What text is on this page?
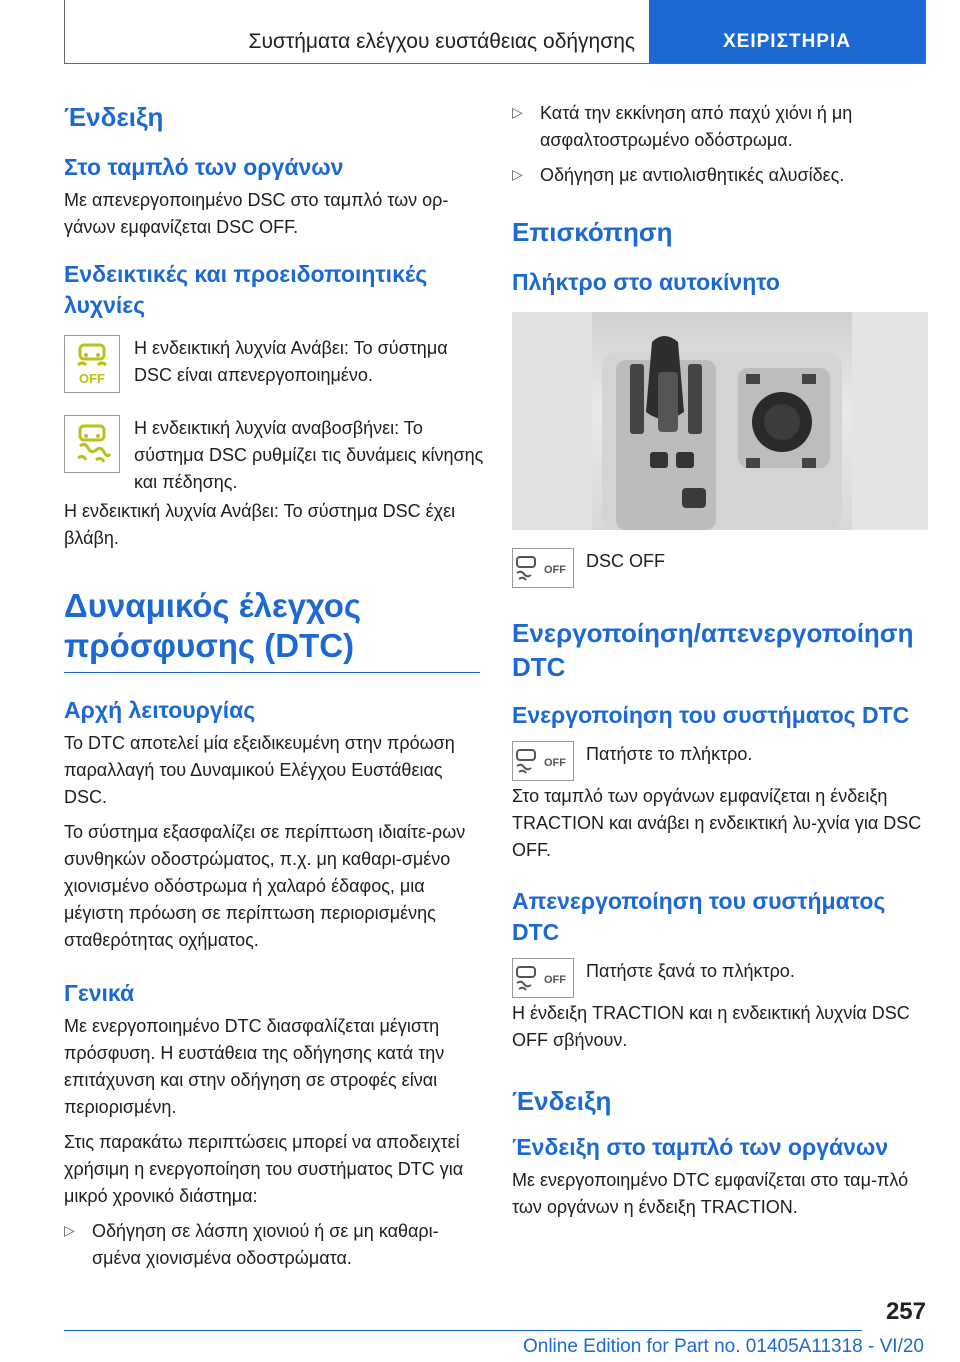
Συστήματα ελέγχου ευστάθειας οδήγησης	ΧΕΙΡΙΣΤΗΡΙΑ
Ένδειξη
Στο ταμπλό των οργάνων

Με απενεργοποιημένο DSC στο ταμπλό των ορ-γάνων εμφανίζεται DSC OFF.

Ενδεικτικές και προειδοποιητικές λυχνίες
OFF

Η ενδεικτική λυχνία Ανάβει: Το σύστημα DSC είναι απενεργοποιημένο.

Η ενδεικτική λυχνία αναβοσβήνει: Το σύστημα DSC ρυθμίζει τις δυνάμεις κίνησης και πέδησης.

Η ενδεικτική λυχνία Ανάβει: Το σύστημα DSC έχει βλάβη.

Δυναμικός έλεγχος πρόσφυσης (DTC)
Αρχή λειτουργίας

Το DTC αποτελεί μία εξειδικευμένη στην πρόωση παραλλαγή του Δυναμικού Ελέγχου Ευστάθειας DSC.

Το σύστημα εξασφαλίζει σε περίπτωση ιδιαίτε-ρων συνθηκών οδοστρώματος, π.χ. μη καθαρι-σμένο χιονισμένο οδόστρωμα ή χαλαρό έδαφος, μια μέγιστη πρόωση σε περίπτωση περιορισμένης σταθερότητας οχήματος.

Γενικά

Με ενεργοποιημένο DTC διασφαλίζεται μέγιστη πρόσφυση. Η ευστάθεια της οδήγησης κατά την επιτάχυνση και στην οδήγηση σε στροφές είναι περιορισμένη.

Στις παρακάτω περιπτώσεις μπορεί να αποδειχτεί χρήσιμη η ενεργοποίηση του συστήματος DTC για μικρό χρονικό διάστημα:

▷ Οδήγηση σε λάσπη χιονιού ή σε μη καθαρι-σμένα χιονισμένα οδοστρώματα.

▷ Κατά την εκκίνηση από παχύ χιόνι ή μη ασφαλτοστρωμένο οδόστρωμα.

▷ Οδήγηση με αντιολισθητικές αλυσίδες.

Επισκόπηση
Πλήκτρο στο αυτοκίνητο
OFF DSC OFF

Ενεργοποίηση/απενεργοποίηση DTC
Ενεργοποίηση του συστήματος DTC
OFF Πατήστε το πλήκτρο.

Στο ταμπλό των οργάνων εμφανίζεται η ένδειξη TRACTION και ανάβει η ενδεικτική λυ-χνία για DSC OFF.

Απενεργοποίηση του συστήματος DTC
OFF Πατήστε ξανά το πλήκτρο.

Η ένδειξη TRACTION και η ενδεικτική λυχνία DSC OFF σβήνουν.

Ένδειξη
Ένδειξη στο ταμπλό των οργάνων

Με ενεργοποιημένο DTC εμφανίζεται στο ταμ-πλό των οργάνων η ένδειξη TRACTION.

257
Online Edition for Part no. 01405A11318 - VI/20
